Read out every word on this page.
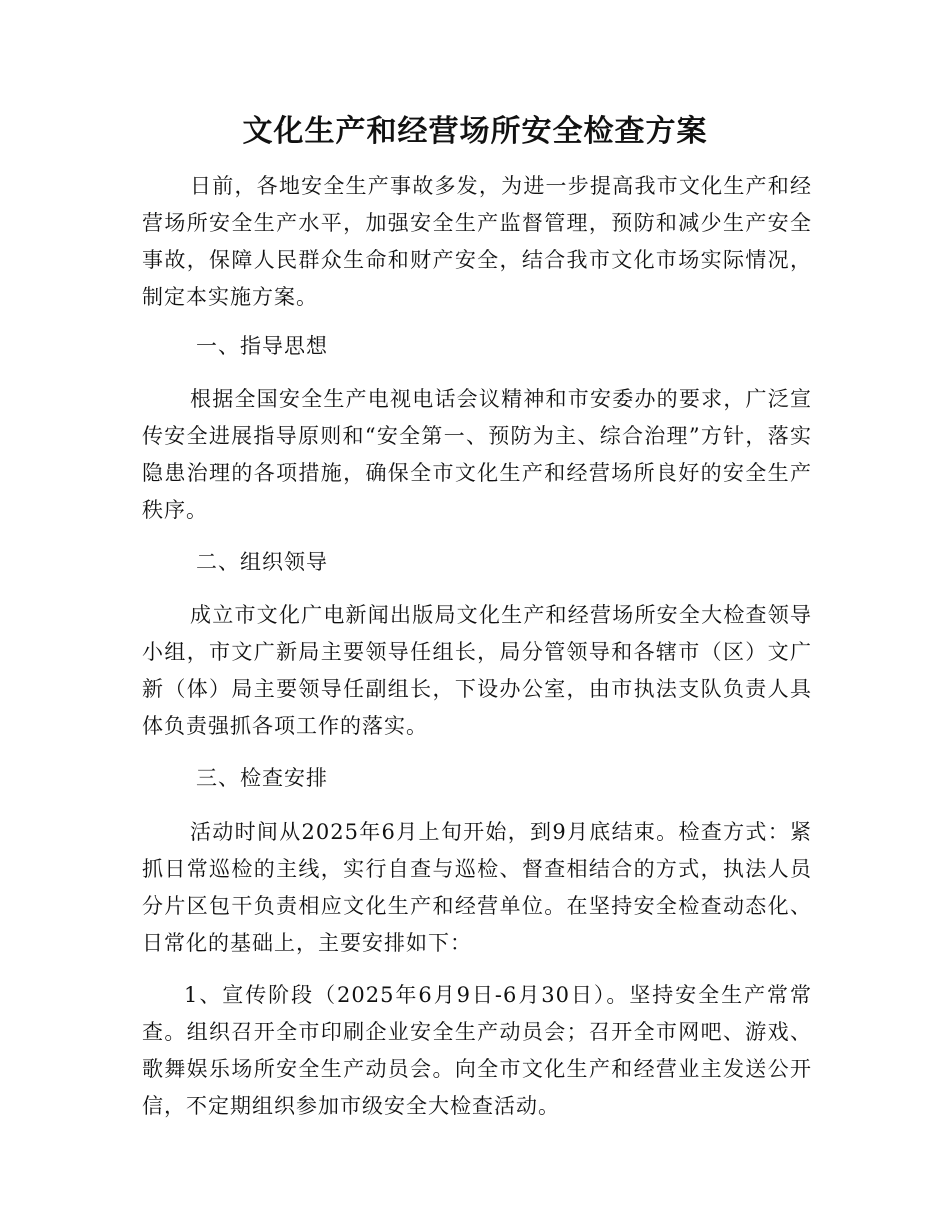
文化生产和经营场所安全检查方案

日前，各地安全生产事故多发，为进一步提高我市文化生产和经营场所安全生产水平，加强安全生产监督管理，预防和减少生产安全事故，保障人民群众生命和财产安全，结合我市文化市场实际情况，制定本实施方案。

一、指导思想

根据全国安全生产电视电话会议精神和市安委办的要求，广泛宣传安全进展指导原则和“安全第一、预防为主、综合治理”方针，落实隐患治理的各项措施，确保全市文化生产和经营场所良好的安全生产秩序。

二、组织领导

成立市文化广电新闻出版局文化生产和经营场所安全大检查领导小组，市文广新局主要领导任组长，局分管领导和各辖市（区）文广新（体）局主要领导任副组长，下设办公室，由市执法支队负责人具体负责强抓各项工作的落实。

三、检查安排

活动时间从2025年6月上旬开始，到9月底结束。检查方式：紧抓日常巡检的主线，实行自查与巡检、督查相结合的方式，执法人员分片区包干负责相应文化生产和经营单位。在坚持安全检查动态化、日常化的基础上，主要安排如下：

1、宣传阶段（2025年6月9日-6月30日）。坚持安全生产常常查。组织召开全市印刷企业安全生产动员会；召开全市网吧、游戏、歌舞娱乐场所安全生产动员会。向全市文化生产和经营业主发送公开信，不定期组织参加市级安全大检查活动。
